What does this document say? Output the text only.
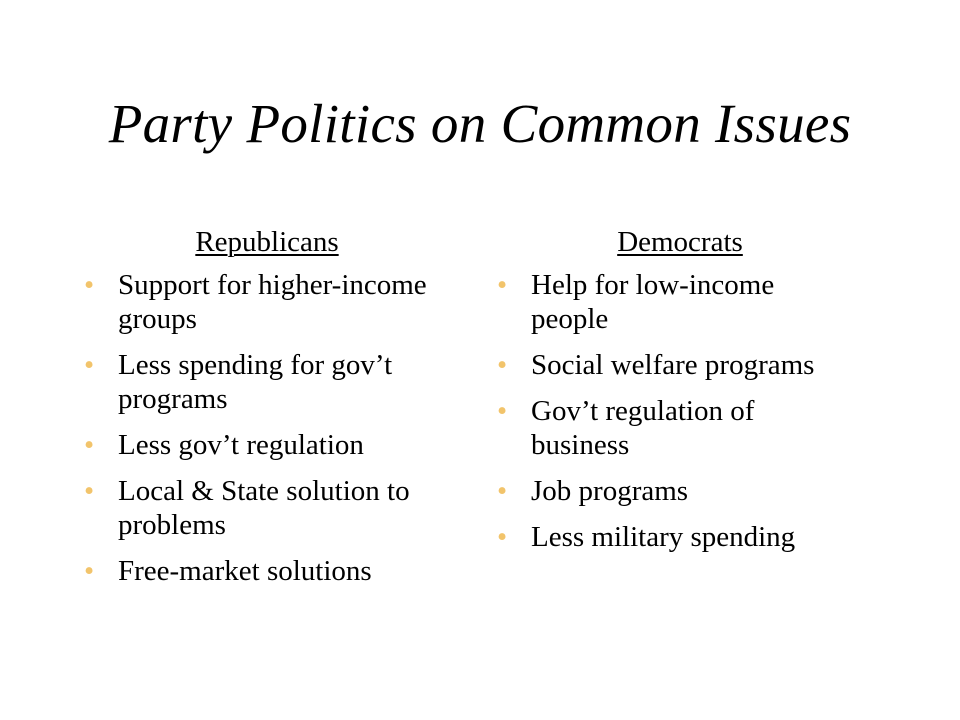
Party Politics on Common Issues
Republicans
• Support for higher-income groups
• Less spending for gov’t programs
• Less gov’t regulation
• Local & State solution to problems
• Free-market solutions
Democrats
• Help for low-income people
• Social welfare programs
• Gov’t regulation of business
• Job programs
• Less military spending
